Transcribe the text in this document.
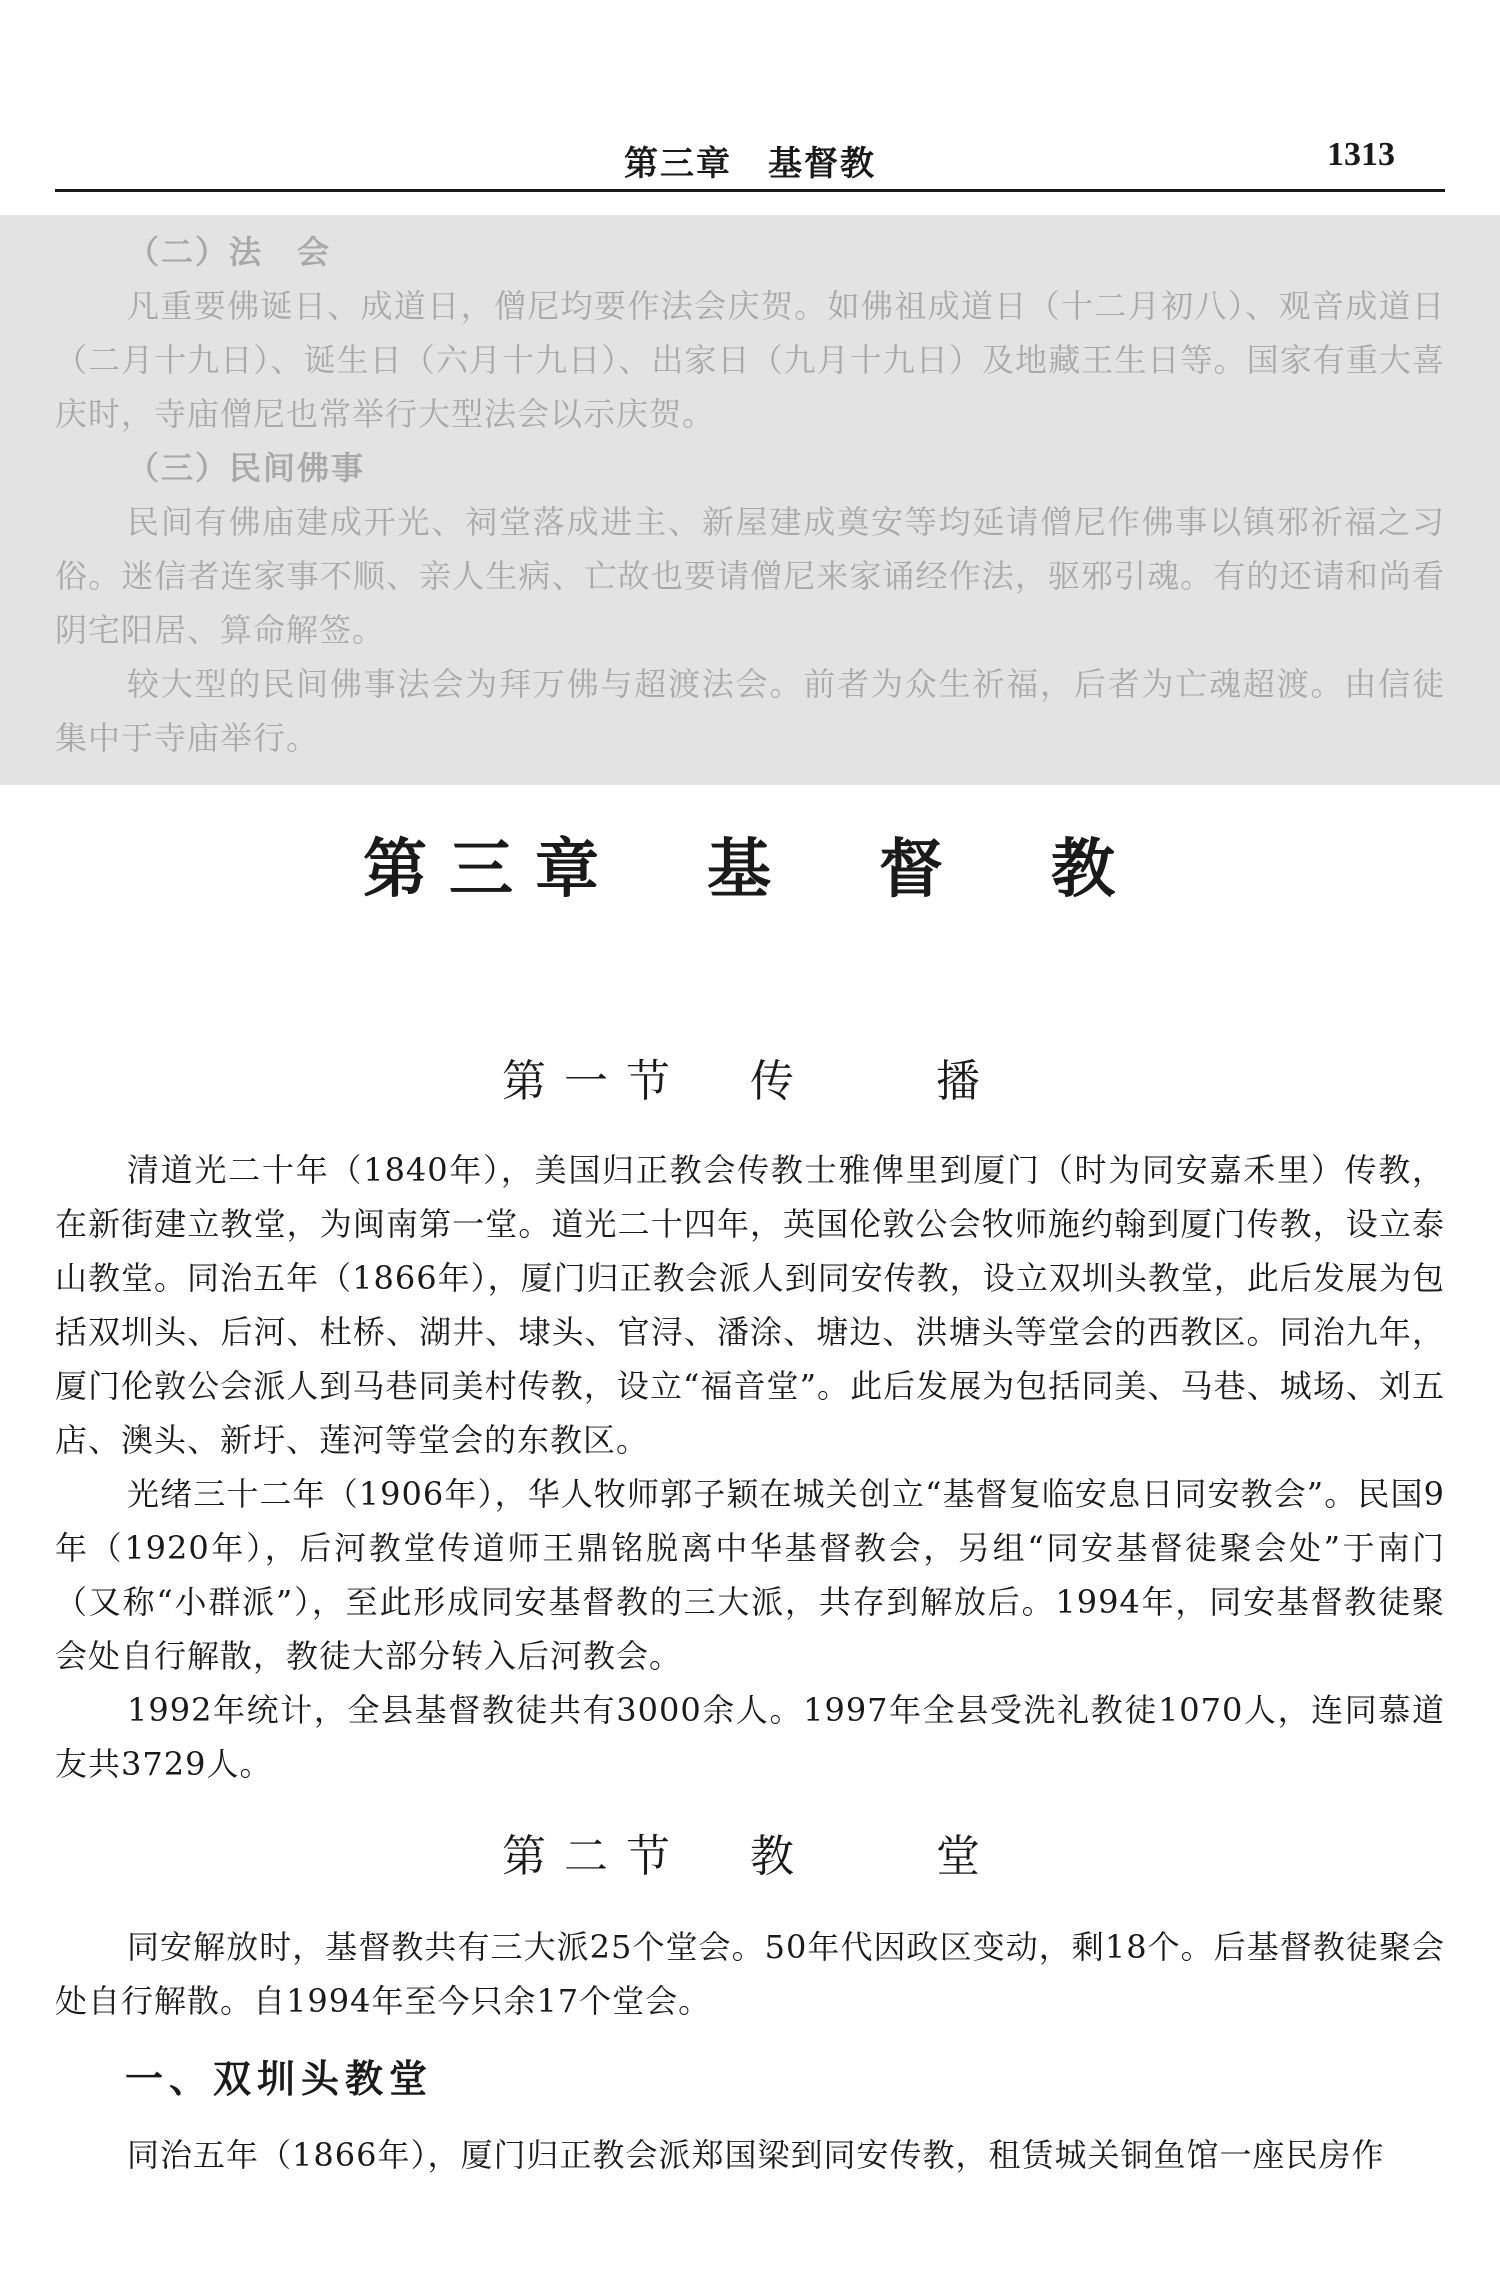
第三章　基督教	1313

（二）法　会

凡重要佛诞日、成道日，僧尼均要作法会庆贺。如佛祖成道日（十二月初八）、观音成道日（二月十九日）、诞生日（六月十九日）、出家日（九月十九日）及地藏王生日等。国家有重大喜庆时，寺庙僧尼也常举行大型法会以示庆贺。

（三）民间佛事

民间有佛庙建成开光、祠堂落成进主、新屋建成奠安等均延请僧尼作佛事以镇邪祈福之习俗。迷信者连家事不顺、亲人生病、亡故也要请僧尼来家诵经作法，驱邪引魂。有的还请和尚看阴宅阳居、算命解签。

较大型的民间佛事法会为拜万佛与超渡法会。前者为众生祈福，后者为亡魂超渡。由信徒集中于寺庙举行。

第三章　基　督　教
第一节　传　　播

清道光二十年（1840年），美国归正教会传教士雅俾里到厦门（时为同安嘉禾里）传教，在新街建立教堂，为闽南第一堂。道光二十四年，英国伦敦公会牧师施约翰到厦门传教，设立泰山教堂。同治五年（1866年），厦门归正教会派人到同安传教，设立双圳头教堂，此后发展为包括双圳头、后河、杜桥、湖井、埭头、官浔、潘涂、塘边、洪塘头等堂会的西教区。同治九年，厦门伦敦公会派人到马巷同美村传教，设立“福音堂”。此后发展为包括同美、马巷、城场、刘五店、澳头、新圩、莲河等堂会的东教区。

光绪三十二年（1906年），华人牧师郭子颖在城关创立“基督复临安息日同安教会”。民国9年（1920年），后河教堂传道师王鼎铭脱离中华基督教会，另组“同安基督徒聚会处”于南门（又称“小群派”），至此形成同安基督教的三大派，共存到解放后。1994年，同安基督教徒聚会处自行解散，教徒大部分转入后河教会。

1992年统计，全县基督教徒共有3000余人。1997年全县受洗礼教徒1070人，连同慕道友共3729人。

第二节　教　　堂

同安解放时，基督教共有三大派25个堂会。50年代因政区变动，剩18个。后基督教徒聚会处自行解散。自1994年至今只余17个堂会。

一、双圳头教堂

同治五年（1866年），厦门归正教会派郑国梁到同安传教，租赁城关铜鱼馆一座民房作
